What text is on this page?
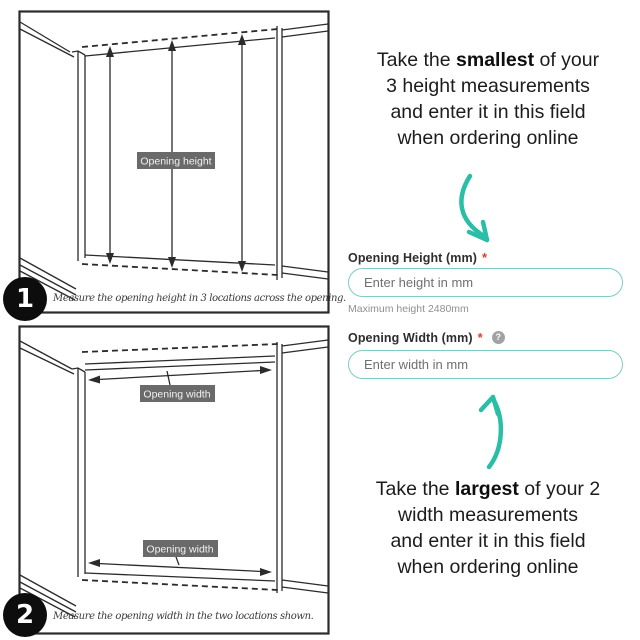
Opening height
1	Measure the opening height in 3 locations across the opening.
Opening width
Opening width
2	Measure the opening width in the two locations shown.
Take the smallest of your
3 height measurements
and enter it in this field
when ordering online
Opening Height (mm) *
Enter height in mm
Maximum height 2480mm
Opening Width (mm) *	?
Enter width in mm
Take the largest of your 2
width measurements
and enter it in this field
when ordering online
